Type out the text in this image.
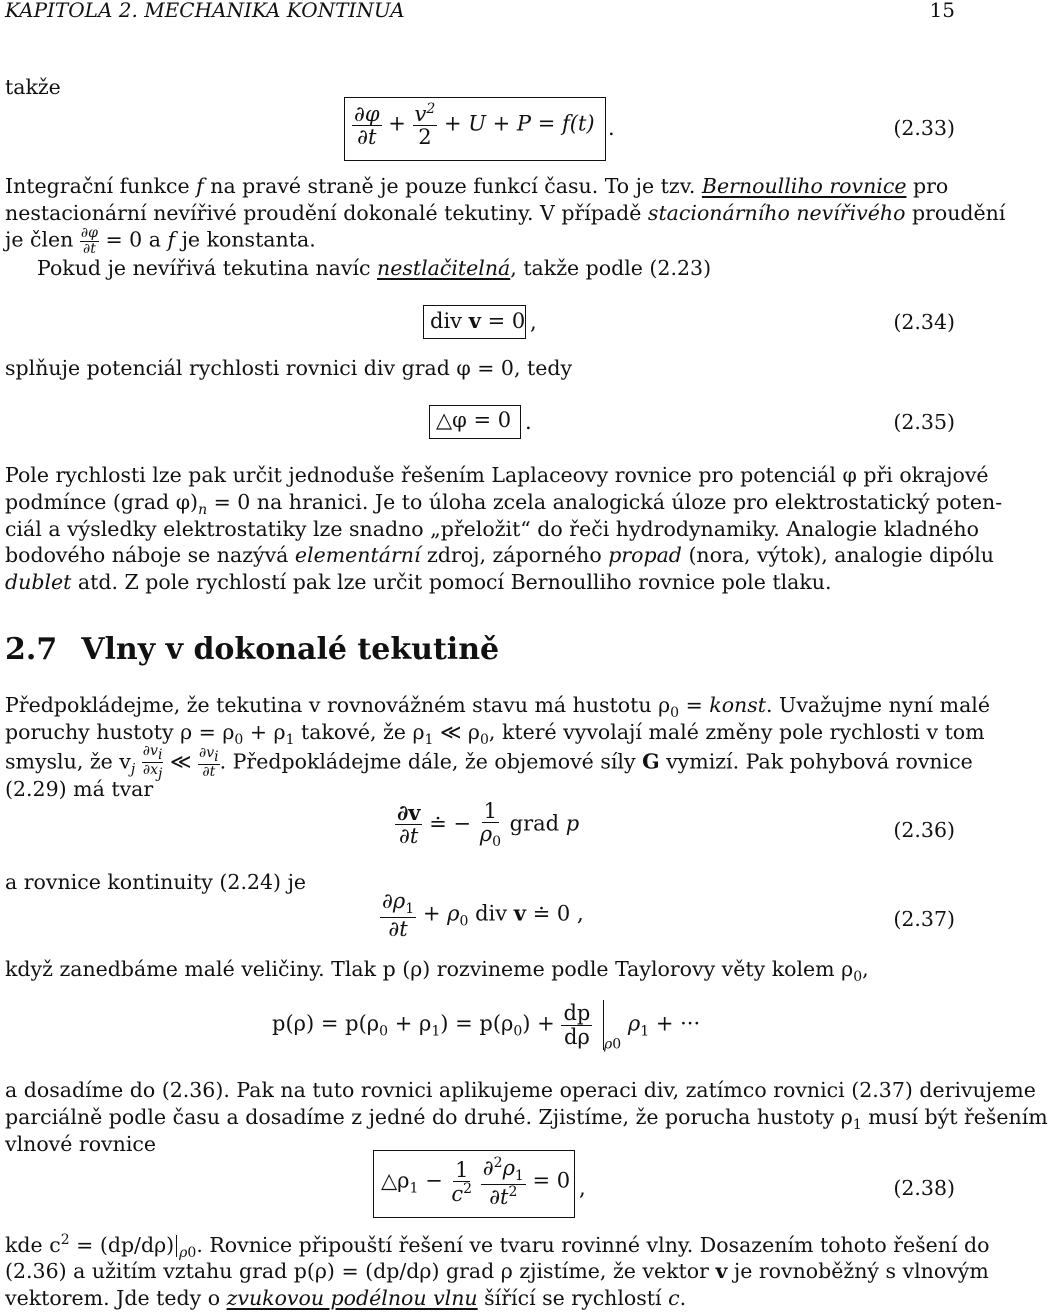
KAPITOLA 2. MECHANIKA KONTINUA	15
takže
$\frac{\partial\varphi}{\partial t} + \frac{v^2}{2} + U + P = f(t)$ .	(2.33)
Integrační funkce f na pravé straně je pouze funkcí času. To je tzv. Bernoulliho rovnice pro
nestacionární nevířivé proudění dokonalé tekutiny. V případě stacionárního nevířivého proudění
je člen $\frac{\partial\varphi}{\partial t} = 0$ a f je konstanta.
Pokud je nevířivá tekutina navíc nestlačitelná, takže podle (2.23)
div v = 0 ,	(2.34)
splňuje potenciál rychlosti rovnici div grad φ = 0, tedy
△φ = 0 .	(2.35)
Pole rychlosti lze pak určit jednoduše řešením Laplaceovy rovnice pro potenciál φ při okrajové
podmínce (grad $\varphi)_n = 0$ na hranici. Je to úloha zcela analogická úloze pro elektrostatický poten-
ciál a výsledky elektrostatiky lze snadno „přeložit“ do řeči hydrodynamiky. Analogie kladného
bodového náboje se nazývá elementární zdroj, záporného propad (nora, výtok), analogie dipólu
dublet atd. Z pole rychlostí pak lze určit pomocí Bernoulliho rovnice pole tlaku.
2.7 Vlny v dokonalé tekutině
Předpokládejme, že tekutina v rovnovážném stavu má hustotu $\rho_0$ = konst. Uvažujme nyní malé
poruchy hustoty $\rho = \rho_0 + \rho_1$ takové, že $\rho_1$ ≪ $\rho_0$, které vyvolají malé změny pole rychlosti v tom
smyslu, že $v_j \frac{\partial v_i}{\partial x_j}$ ≪ $\frac{\partial v_i}{\partial t}$ . Předpokládejme dále, že objemové síly G vymizí. Pak pohybová rovnice
(2.29) má tvar
$\frac{\partial v}{\partial t}$ ≐ − $\frac{1}{\rho_0}$ grad p	(2.36)
a rovnice kontinuity (2.24) je
$\frac{\partial\rho_1}{\partial t} + \rho_0$ div v ≐ 0 ,	(2.37)
když zanedbáme malé veličiny. Tlak p (ρ) rozvineme podle Taylorovy věty kolem $\rho_0$,
$p(\rho) = p(\rho_0 + \rho_1) = p(\rho_0) + \frac{dp}{d\rho} _{\rho 0}$ $\rho_1$ + ···
a dosadíme do (2.36). Pak na tuto rovnici aplikujeme operaci div, zatímco rovnici (2.37) derivujeme
parciálně podle času a dosadíme z jedné do druhé. Zjistíme, že porucha hustoty $\rho_1$ musí být řešením
vlnové rovnice
$\triangle\rho_1 - \frac{1}{c^2}$
$\frac{\partial^2\rho_1}{\partial t^2} = 0$ ,	(2.38)
kde $c^2 = (dp/d\rho)$ $_{\rho 0}$. Rovnice připouští řešení ve tvaru rovinné vlny. Dosazením tohoto řešení do
(2.36) a užitím vztahu grad p(ρ) = (dp/dρ) grad ρ zjistíme, že vektor v je rovnoběžný s vlnovým
vektorem. Jde tedy o zvukovou podélnou vlnu šířící se rychlostí c.
